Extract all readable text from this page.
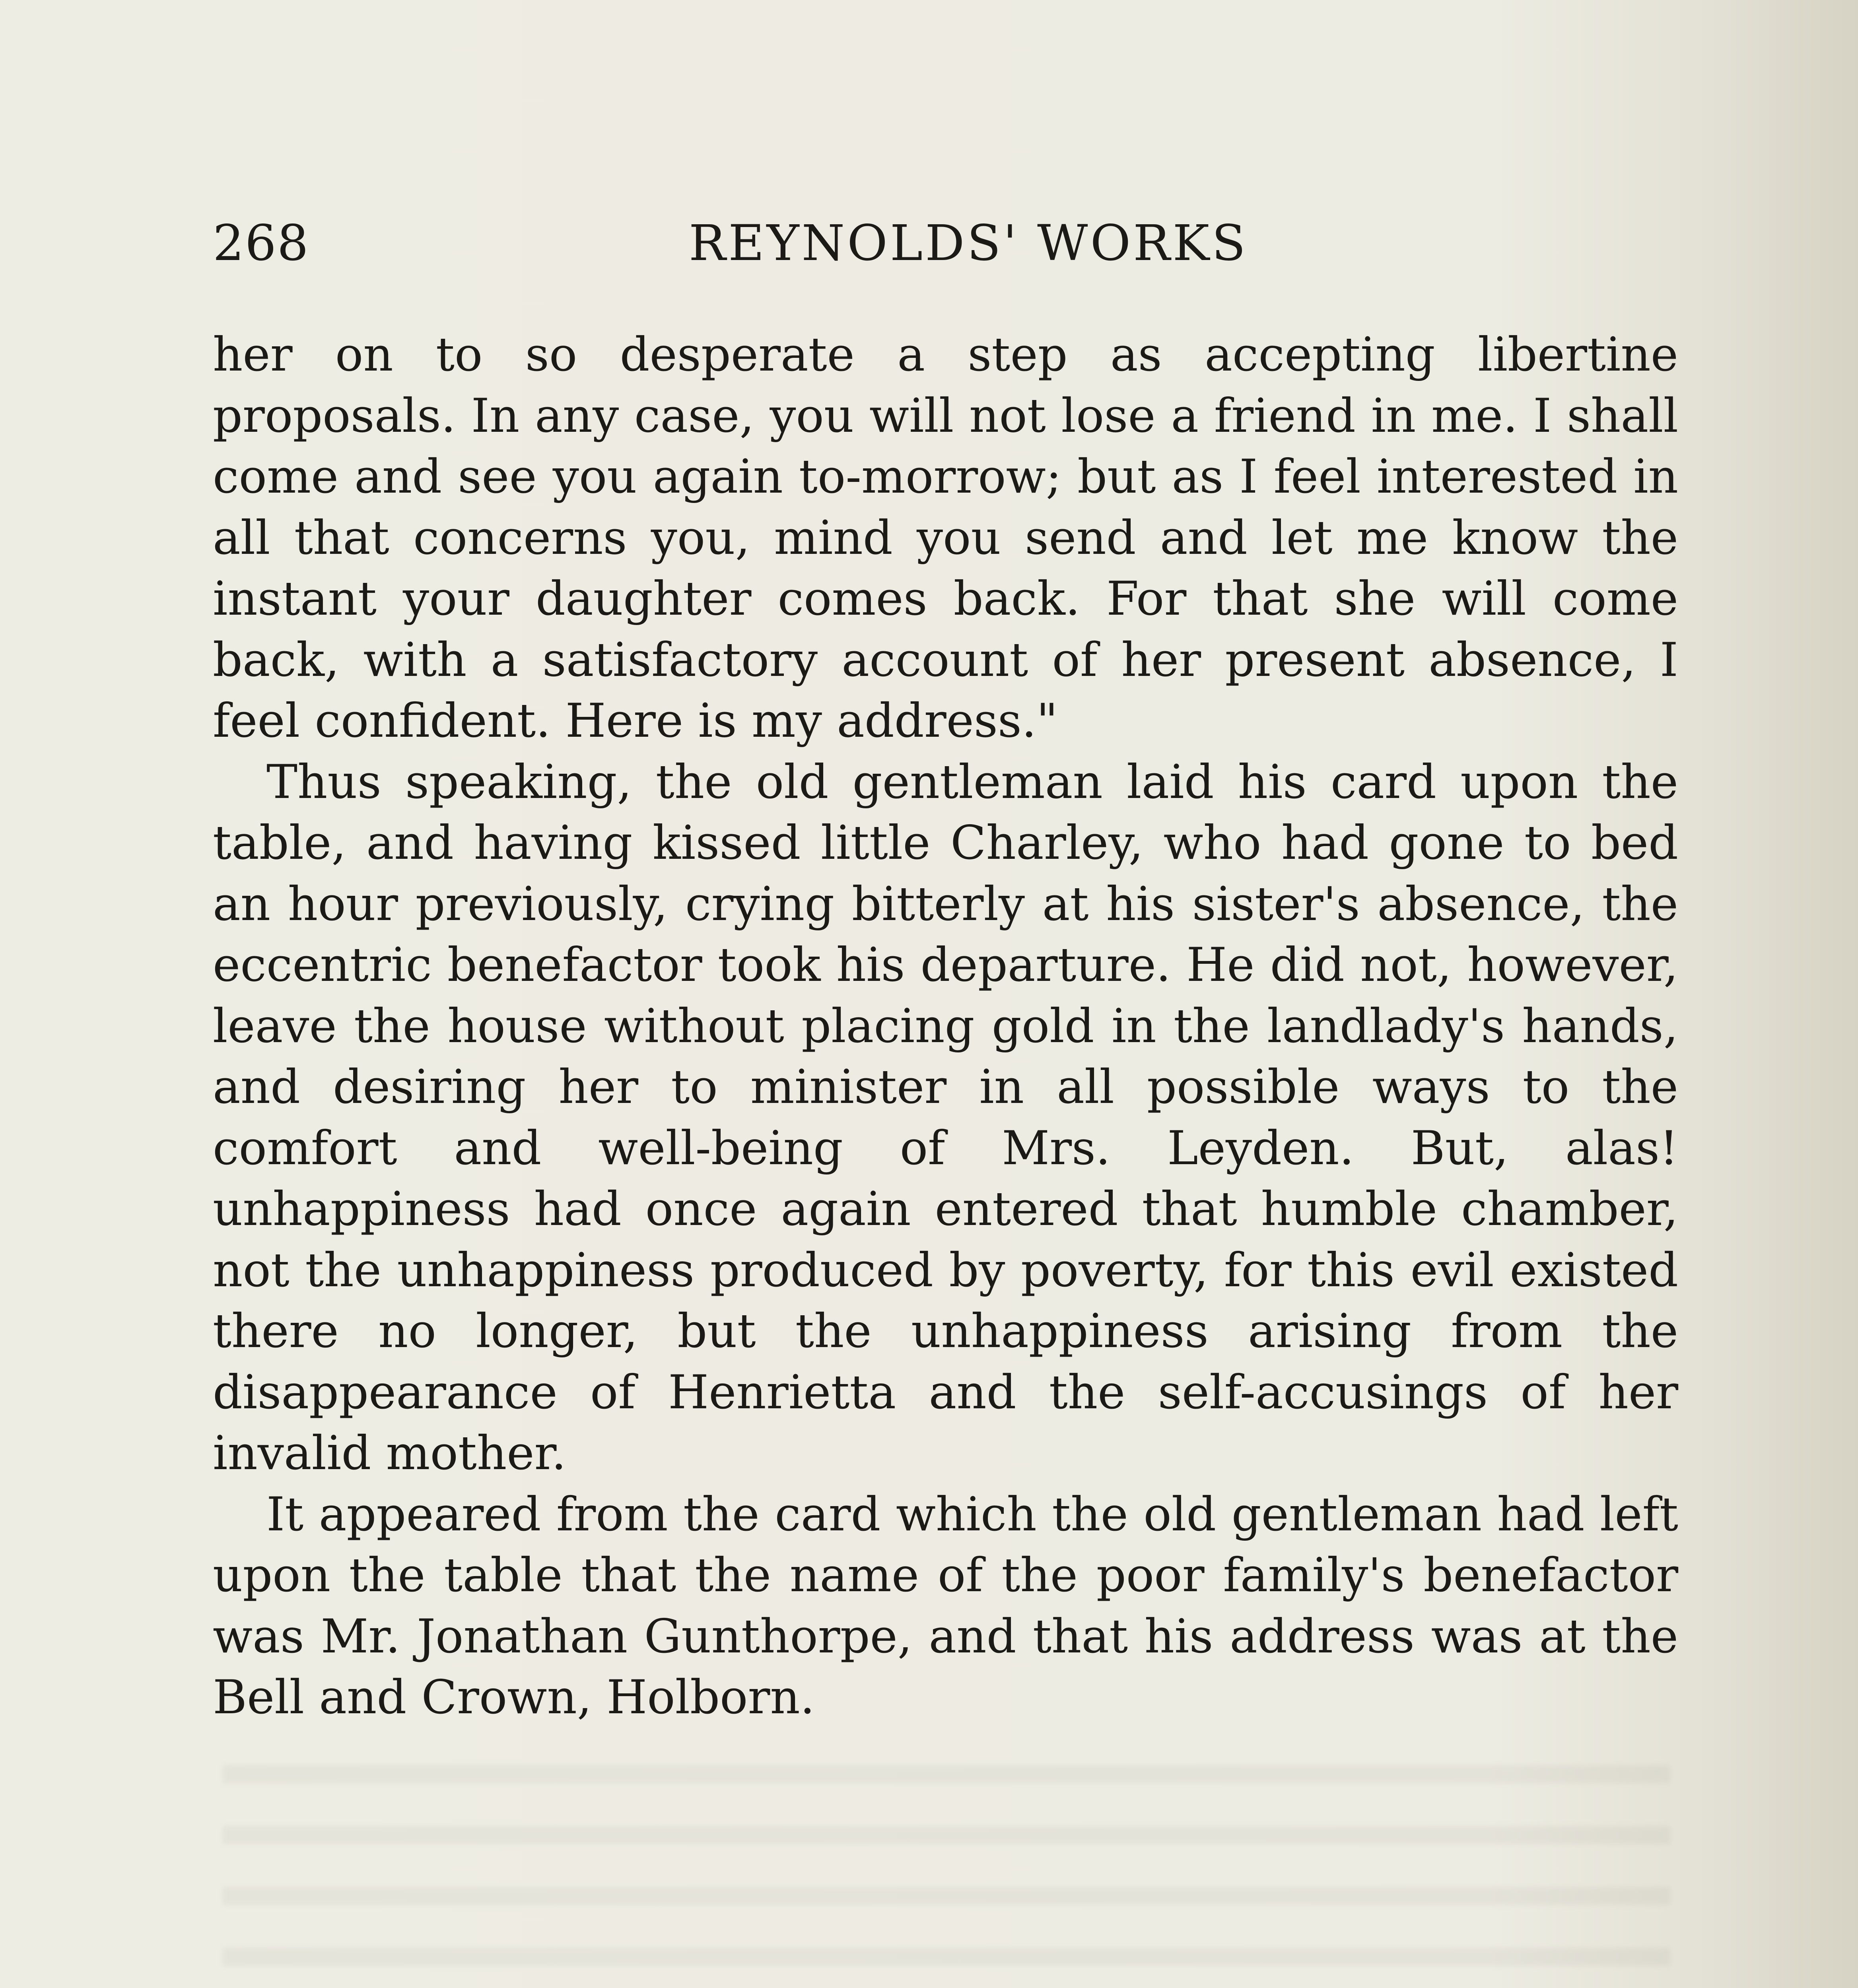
268	REYNOLDS' WORKS

her on to so desperate a step as accepting libertine proposals. In any case, you will not lose a friend in me. I shall come and see you again to-morrow; but as I feel interested in all that concerns you, mind you send and let me know the instant your daughter comes back. For that she will come back, with a satisfactory account of her present absence, I feel confident. Here is my address."

Thus speaking, the old gentleman laid his card upon the table, and having kissed little Charley, who had gone to bed an hour previously, crying bitterly at his sister's absence, the eccentric benefactor took his departure. He did not, however, leave the house without placing gold in the landlady's hands, and desiring her to minister in all possible ways to the comfort and well-being of Mrs. Leyden. But, alas! unhappiness had once again entered that humble chamber, not the unhappiness produced by poverty, for this evil existed there no longer, but the unhappiness arising from the disappearance of Henrietta and the self-accusings of her invalid mother.

It appeared from the card which the old gentleman had left upon the table that the name of the poor family's benefactor was Mr. Jonathan Gunthorpe, and that his address was at the Bell and Crown, Holborn.
